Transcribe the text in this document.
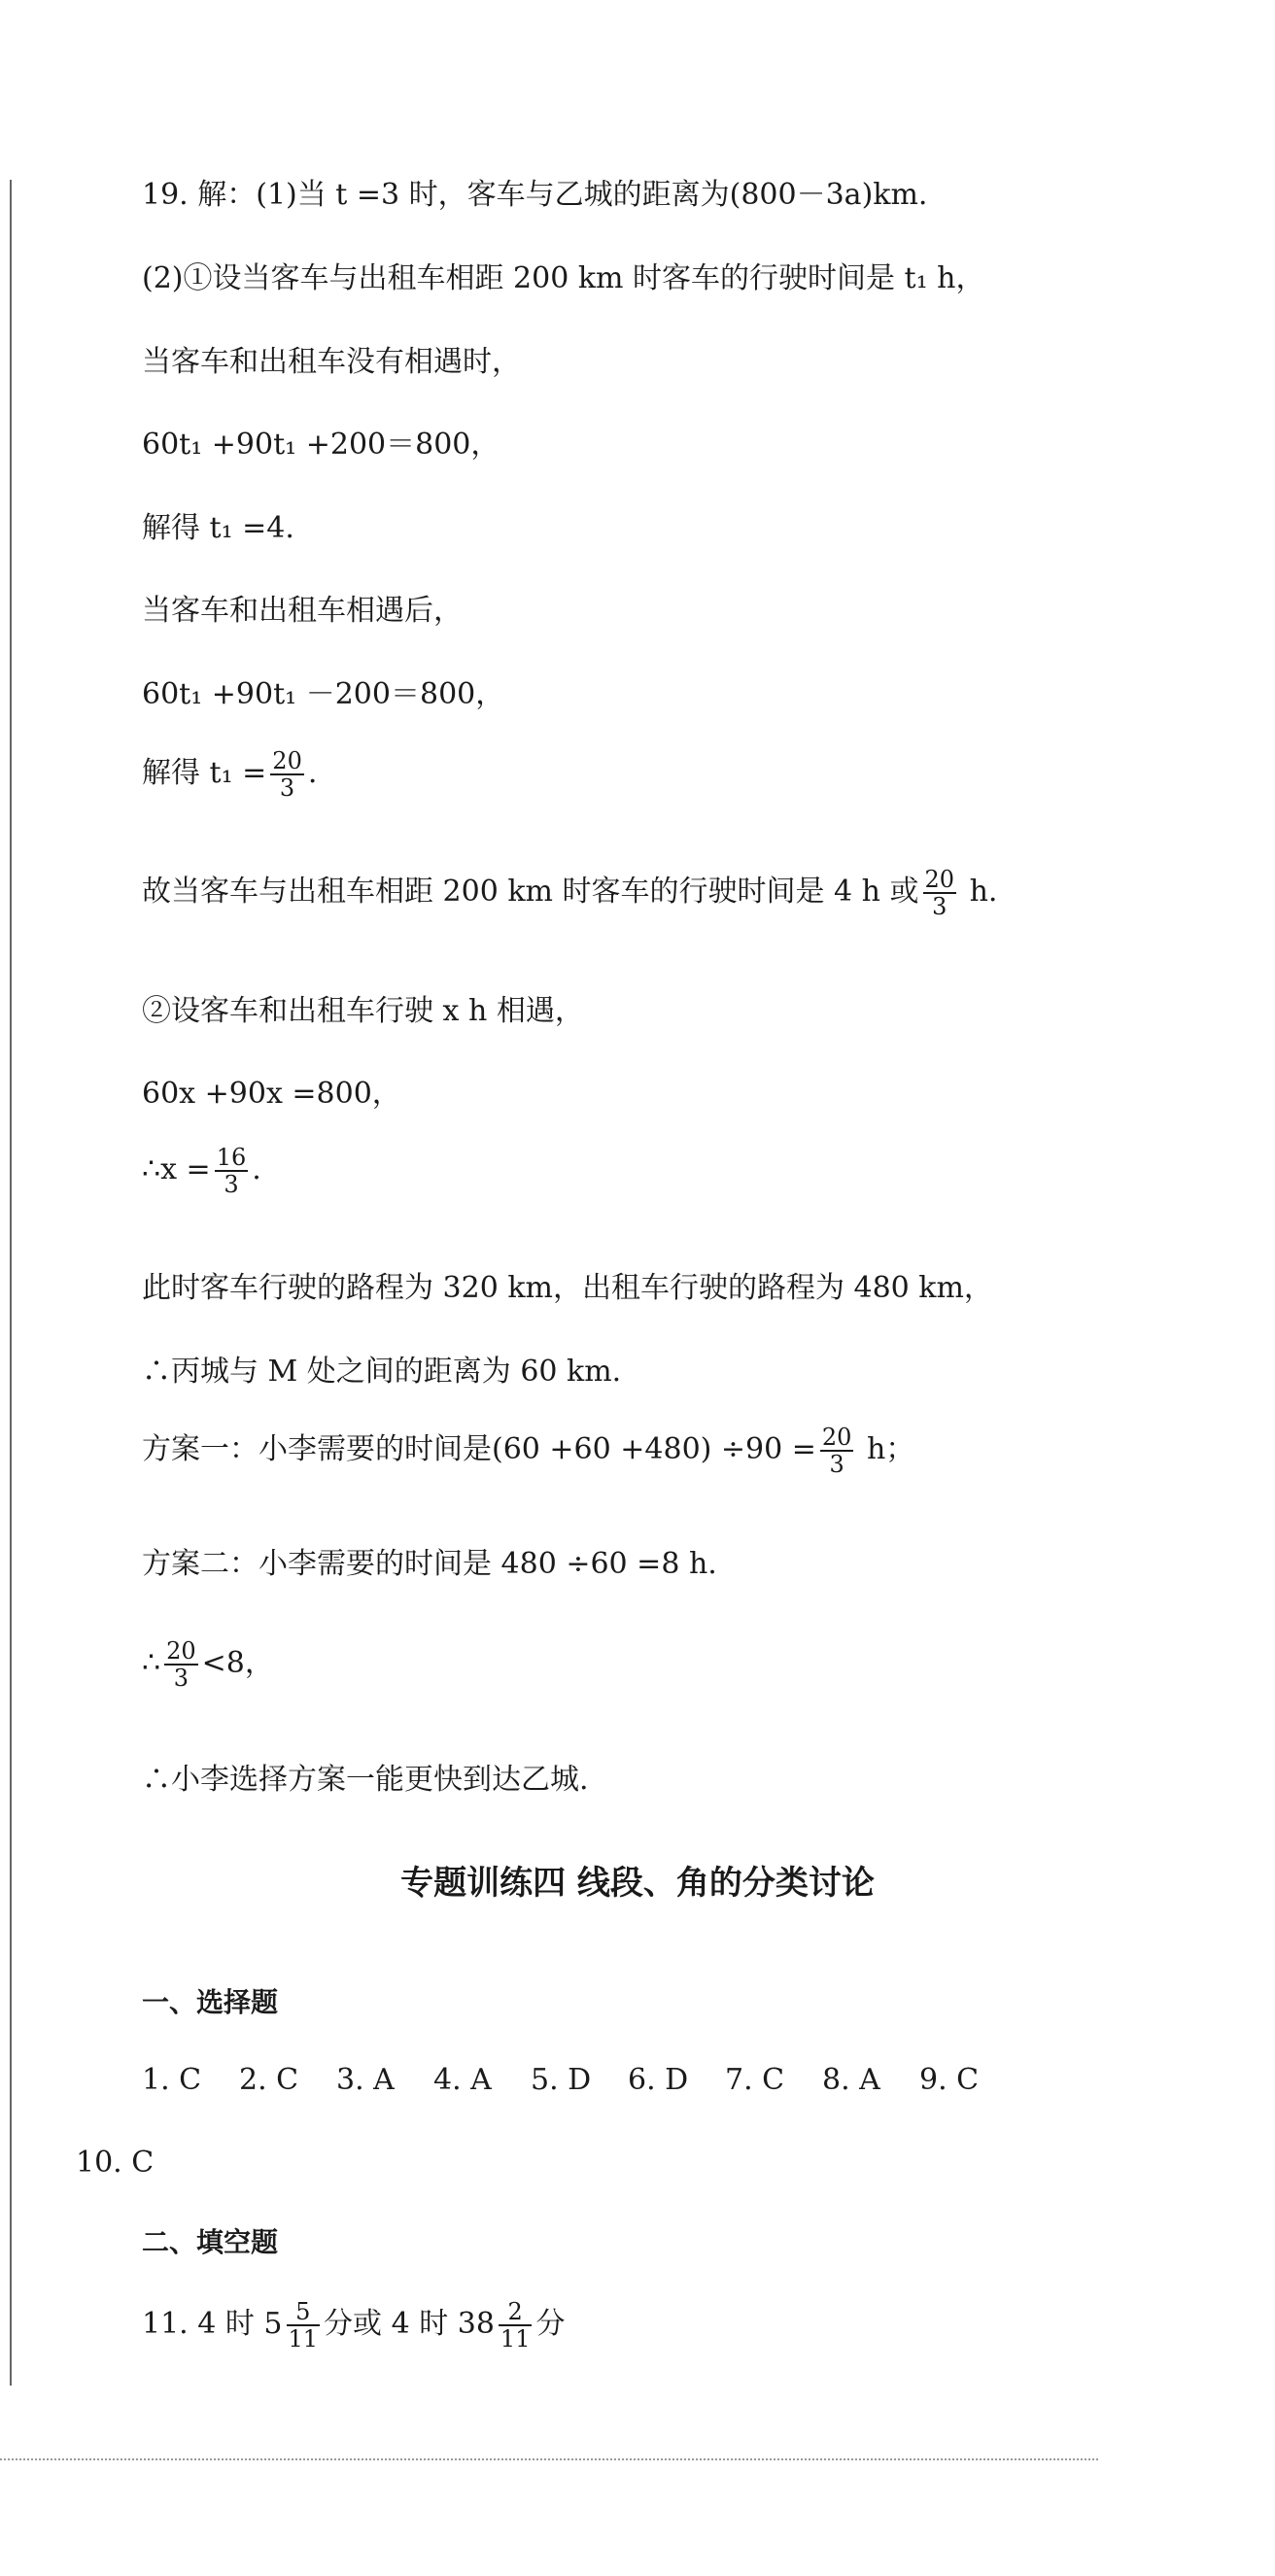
19. 解：(1)当 t =3 时，客车与乙城的距离为(800－3a)km.
(2)①设当客车与出租车相距 200 km 时客车的行驶时间是 t₁ h，
当客车和出租车没有相遇时，
60t₁ +90t₁ +200＝800，
解得 t₁ =4.
当客车和出租车相遇后，
60t₁ +90t₁ －200＝800，
解得 $t_1 = \frac{20}{3}$ .
故当客车与出租车相距 200 km 时客车的行驶时间是 4 h 或 $\frac{20}{3} h$.
②设客车和出租车行驶 x h 相遇，
60x +90x =800，
∴x = $\frac{16}{3}$ .
此时客车行驶的路程为 320 km，出租车行驶的路程为 480 km，
∴丙城与 M 处之间的距离为 60 km.
方案一：小李需要的时间是$(60 +60 +480) \div 90 = \frac{20}{3}$ h；
方案二：小李需要的时间是 480 ÷60 =8 h.
∴ $\frac{20}{3} <8$，
∴小李选择方案一能更快到达乙城.
专题训练四 线段、角的分类讨论
一、选择题
1. C 2. C 3. A 4. A 5. D 6. D 7. C 8. A 9. C
10. C
二、填空题
11. 4 时 $5 \frac{5}{11}$ 分或 4 时 $38 \frac{2}{11}$ 分
